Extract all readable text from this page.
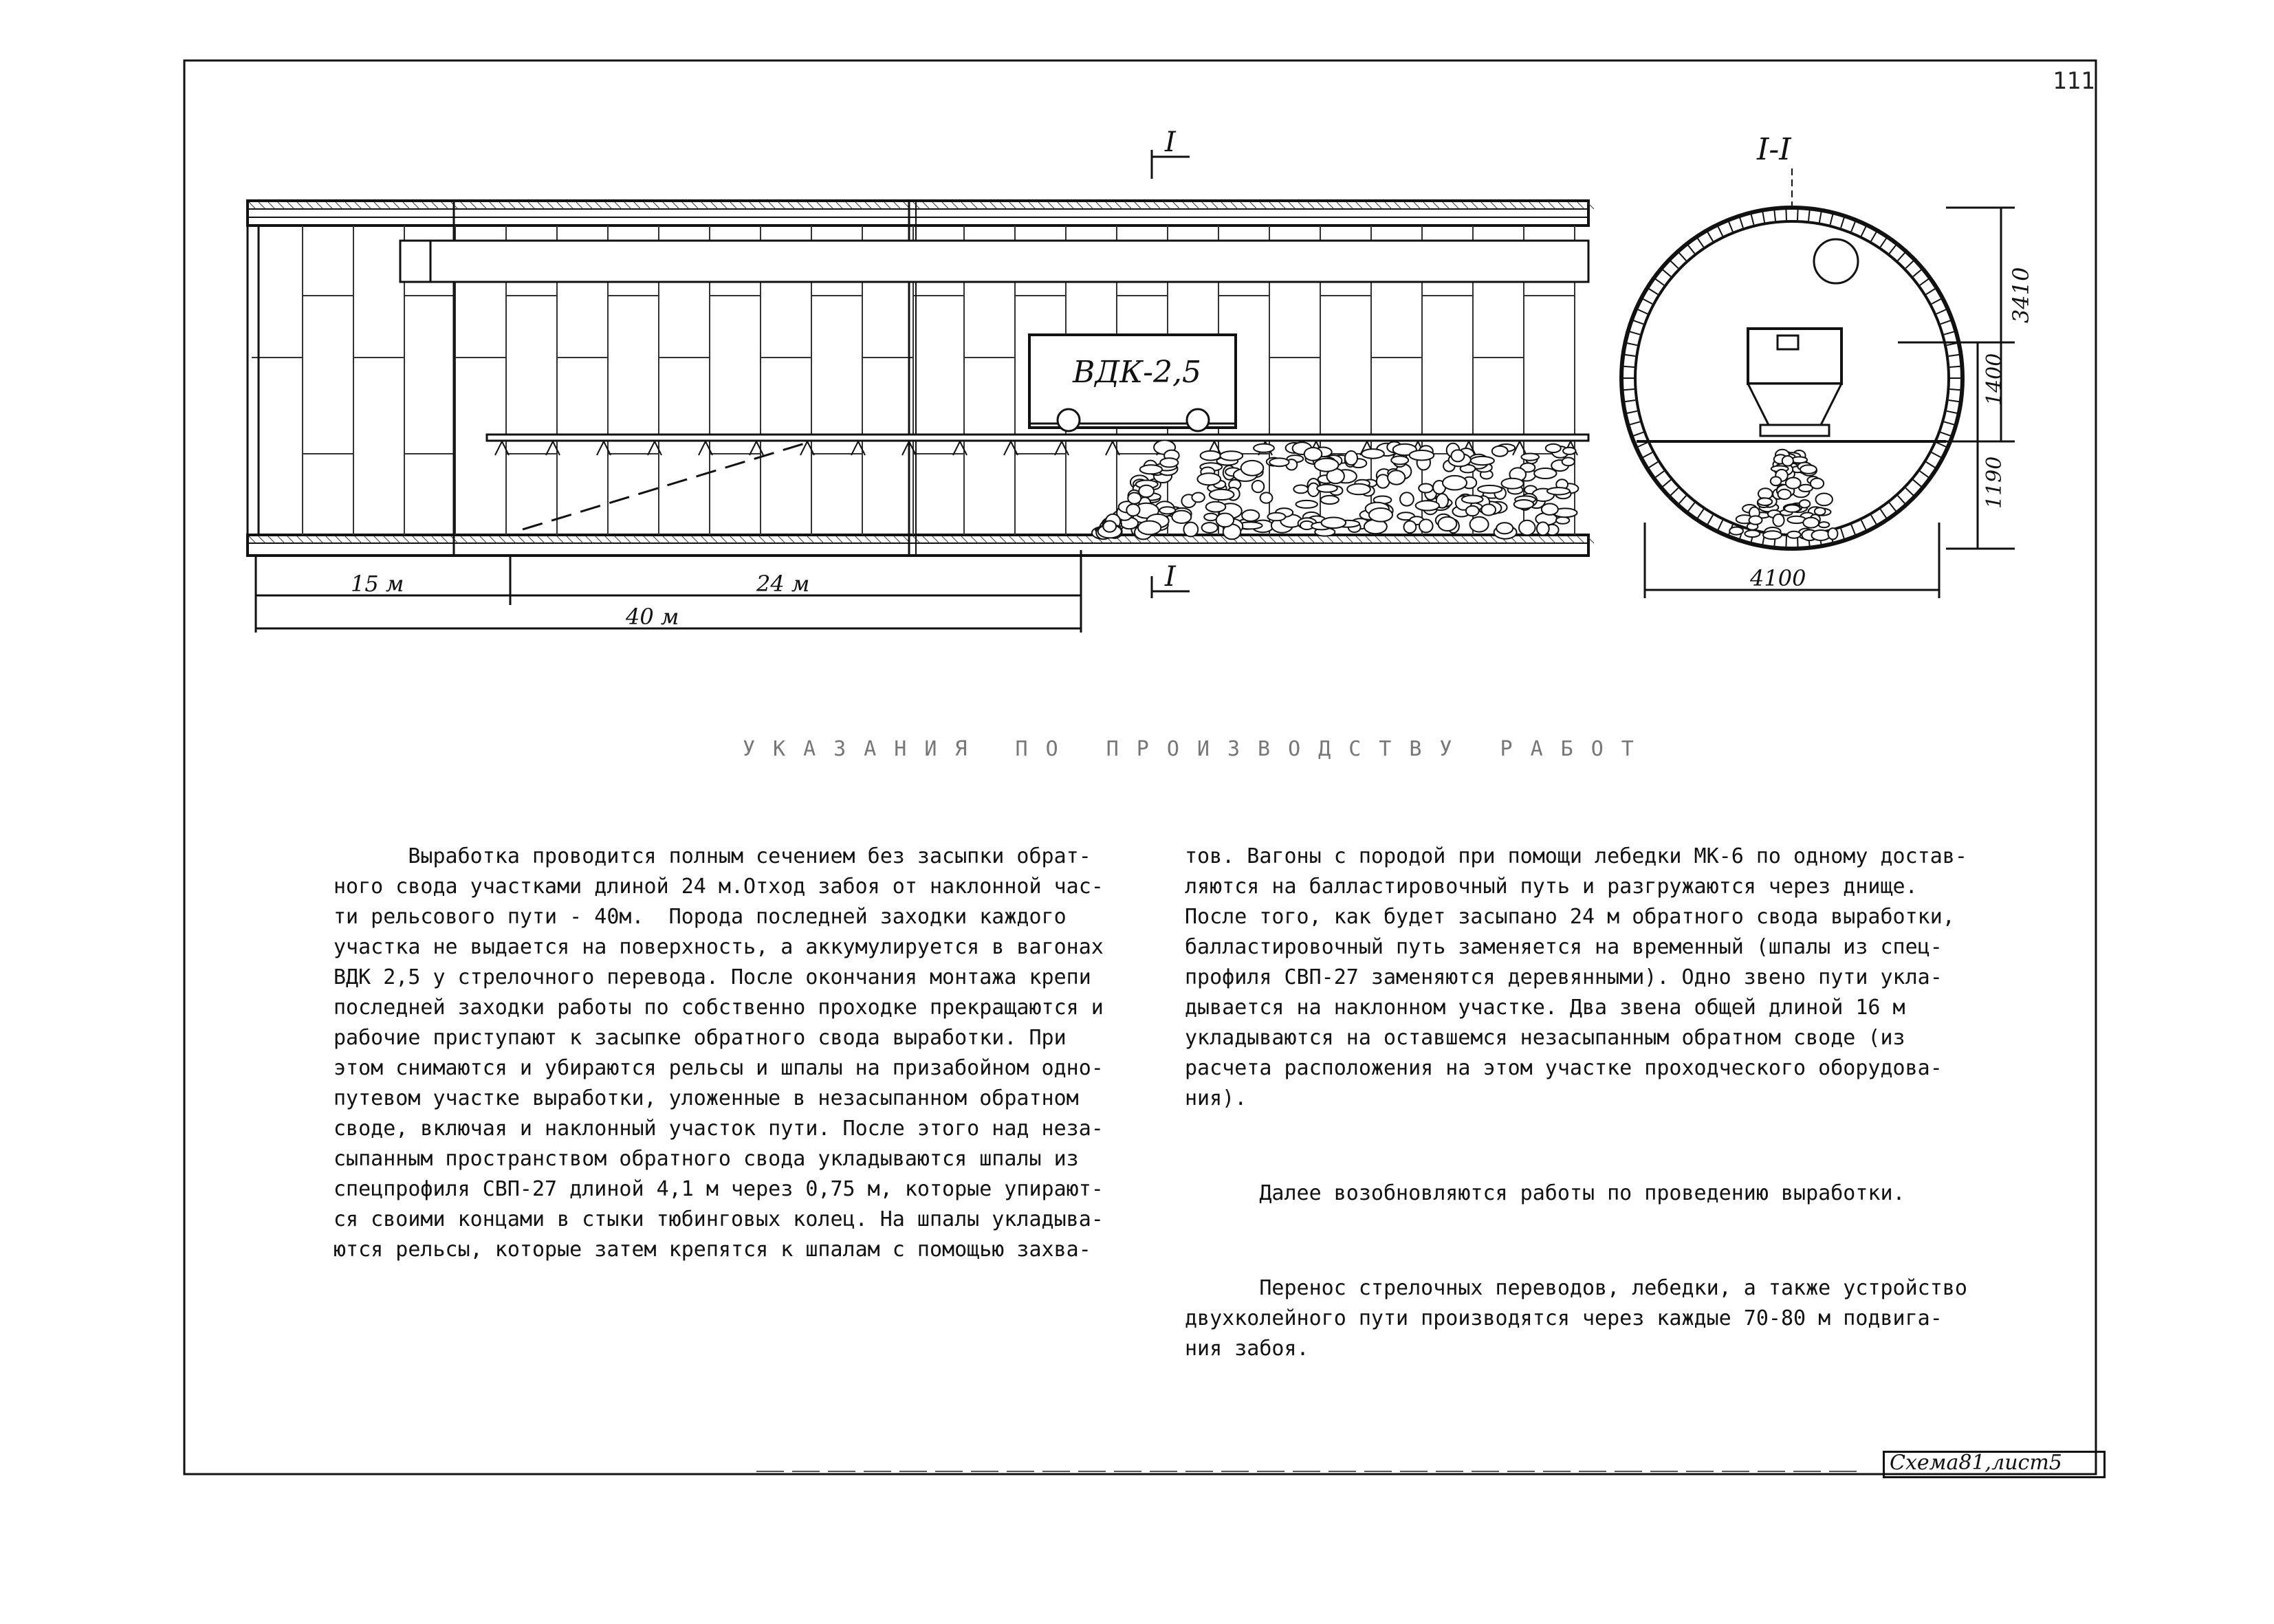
111
ВДК-2,5
I
I
15 м	24 м
40 м
I-I
3410
1400
1190
4100
УКАЗАНИЯ ПО ПРОИЗВОДСТВУ РАБОТ

Выработка проводится полным сечением без засыпки обрат-
ного свода участками длиной 24 м.Отход забоя от наклонной час-
ти рельсового пути - 40м.  Порода последней заходки каждого
участка не выдается на поверхность, а аккумулируется в вагонах
ВДК 2,5 у стрелочного перевода. После окончания монтажа крепи
последней заходки работы по собственно проходке прекращаются и
рабочие приступают к засыпке обратного свода выработки. При
этом снимаются и убираются рельсы и шпалы на призабойном одно-
путевом участке выработки, уложенные в незасыпанном обратном
своде, включая и наклонный участок пути. После этого над неза-
сыпанным пространством обратного свода укладываются шпалы из
спецпрофиля СВП-27 длиной 4,1 м через 0,75 м, которые упирают-
ся своими концами в стыки тюбинговых колец. На шпалы укладыва-
ются рельсы, которые затем крепятся к шпалам с помощью захва-

тов. Вагоны с породой при помощи лебедки МК-6 по одному достав-
ляются на балластировочный путь и разгружаются через днище.
После того, как будет засыпано 24 м обратного свода выработки,
балластировочный путь заменяется на временный (шпалы из спец-
профиля СВП-27 заменяются деревянными). Одно звено пути укла-
дывается на наклонном участке. Два звена общей длиной 16 м
укладываются на оставшемся незасыпанным обратном своде (из
расчета расположения на этом участке проходческого оборудова-
ния).

Далее возобновляются работы по проведению выработки.

Перенос стрелочных переводов, лебедки, а также устройство
двухколейного пути производятся через каждые 70-80 м подвига-
ния забоя.

Схема81,лист5
